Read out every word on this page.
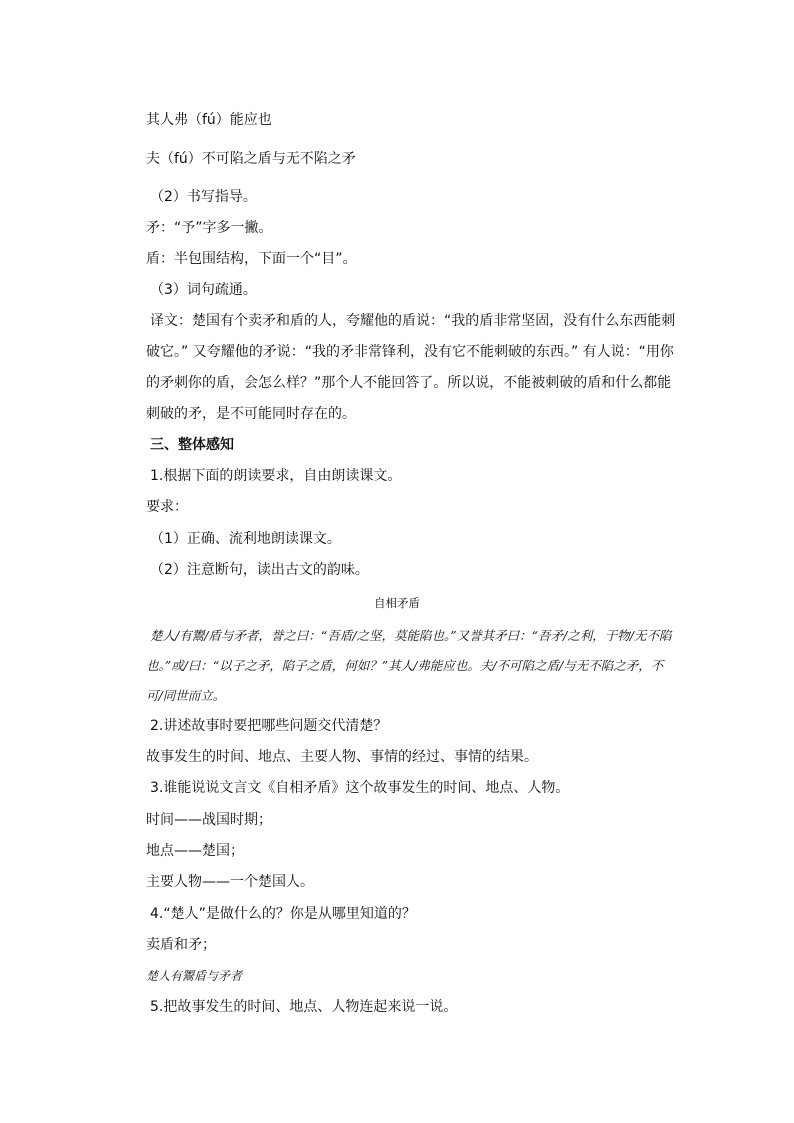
其人弗（fú）能应也
夫（fú）不可陷之盾与无不陷之矛
（2）书写指导。
矛：“予”字多一撇。
盾：半包围结构，下面一个“目”。
（3）词句疏通。
译文：楚国有个卖矛和盾的人，夸耀他的盾说：“我的盾非常坚固，没有什么东西能刺破它。” 又夸耀他的矛说：“我的矛非常锋利，没有它不能刺破的东西。” 有人说：“用你的矛刺你的盾，会怎么样？”那个人不能回答了。所以说，不能被刺破的盾和什么都能刺破的矛，是不可能同时存在的。
三、整体感知
1.根据下面的朗读要求，自由朗读课文。
要求：
（1）正确、流利地朗读课文。
（2）注意断句，读出古文的韵味。
自相矛盾
楚人/有鬻/盾与矛者，誉之曰：“吾盾/之坚，莫能陷也。”又誉其矛曰：“吾矛/之利，于物/无不陷也。”或/曰：“以子之矛，陷子之盾，何如？”其人/弗能应也。夫/不可陷之盾/与无不陷之矛，不可/同世而立。
2.讲述故事时要把哪些问题交代清楚？
故事发生的时间、地点、主要人物、事情的经过、事情的结果。
3.谁能说说文言文《自相矛盾》这个故事发生的时间、地点、人物。
时间——战国时期；
地点——楚国；
主要人物——一个楚国人。
4.“楚人”是做什么的？你是从哪里知道的？
卖盾和矛；
楚人有鬻盾与矛者
5.把故事发生的时间、地点、人物连起来说一说。
